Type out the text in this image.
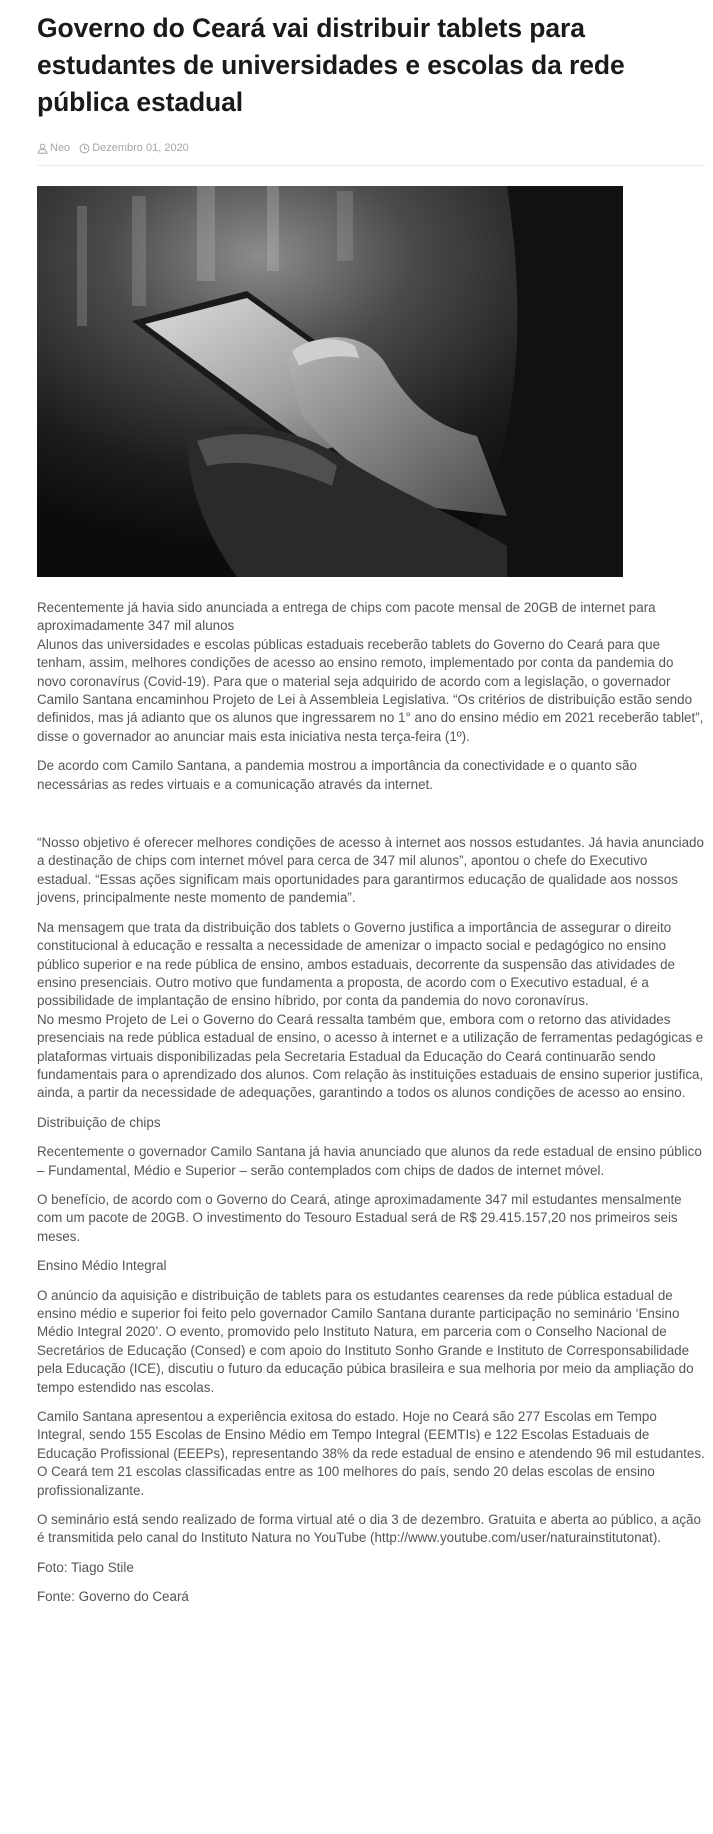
Governo do Ceará vai distribuir tablets para estudantes de universidades e escolas da rede pública estadual
Neo Dezembro 01, 2020

Recentemente já havia sido anunciada a entrega de chips com pacote mensal de 20GB de internet para aproximadamente 347 mil alunos

Alunos das universidades e escolas públicas estaduais receberão tablets do Governo do Ceará para que tenham, assim, melhores condições de acesso ao ensino remoto, implementado por conta da pandemia do novo coronavírus (Covid-19). Para que o material seja adquirido de acordo com a legislação, o governador Camilo Santana encaminhou Projeto de Lei à Assembleia Legislativa. “Os critérios de distribuição estão sendo definidos, mas já adianto que os alunos que ingressarem no 1° ano do ensino médio em 2021 receberão tablet”, disse o governador ao anunciar mais esta iniciativa nesta terça-feira (1º).

De acordo com Camilo Santana, a pandemia mostrou a importância da conectividade e o quanto são necessárias as redes virtuais e a comunicação através da internet.

“Nosso objetivo é oferecer melhores condições de acesso à internet aos nossos estudantes. Já havia anunciado a destinação de chips com internet móvel para cerca de 347 mil alunos”, apontou o chefe do Executivo estadual. “Essas ações significam mais oportunidades para garantirmos educação de qualidade aos nossos jovens, principalmente neste momento de pandemia”.

Na mensagem que trata da distribuição dos tablets o Governo justifica a importância de assegurar o direito constitucional à educação e ressalta a necessidade de amenizar o impacto social e pedagógico no ensino público superior e na rede pública de ensino, ambos estaduais, decorrente da suspensão das atividades de ensino presenciais. Outro motivo que fundamenta a proposta, de acordo com o Executivo estadual, é a possibilidade de implantação de ensino híbrido, por conta da pandemia do novo coronavírus.

No mesmo Projeto de Lei o Governo do Ceará ressalta também que, embora com o retorno das atividades presenciais na rede pública estadual de ensino, o acesso à internet e a utilização de ferramentas pedagógicas e plataformas virtuais disponibilizadas pela Secretaria Estadual da Educação do Ceará continuarão sendo fundamentais para o aprendizado dos alunos. Com relação às instituições estaduais de ensino superior justifica, ainda, a partir da necessidade de adequações, garantindo a todos os alunos condições de acesso ao ensino.

Distribuição de chips

Recentemente o governador Camilo Santana já havia anunciado que alunos da rede estadual de ensino público – Fundamental, Médio e Superior – serão contemplados com chips de dados de internet móvel.

O benefício, de acordo com o Governo do Ceará, atinge aproximadamente 347 mil estudantes mensalmente com um pacote de 20GB. O investimento do Tesouro Estadual será de R$ 29.415.157,20 nos primeiros seis meses.

Ensino Médio Integral

O anúncio da aquisição e distribuição de tablets para os estudantes cearenses da rede pública estadual de ensino médio e superior foi feito pelo governador Camilo Santana durante participação no seminário ‘Ensino Médio Integral 2020’. O evento, promovido pelo Instituto Natura, em parceria com o Conselho Nacional de Secretários de Educação (Consed) e com apoio do Instituto Sonho Grande e Instituto de Corresponsabilidade pela Educação (ICE), discutiu o futuro da educação púbica brasileira e sua melhoria por meio da ampliação do tempo estendido nas escolas.

Camilo Santana apresentou a experiência exitosa do estado. Hoje no Ceará são 277 Escolas em Tempo Integral, sendo 155 Escolas de Ensino Médio em Tempo Integral (EEMTIs) e 122 Escolas Estaduais de Educação Profissional (EEEPs), representando 38% da rede estadual de ensino e atendendo 96 mil estudantes. O Ceará tem 21 escolas classificadas entre as 100 melhores do país, sendo 20 delas escolas de ensino profissionalizante.

O seminário está sendo realizado de forma virtual até o dia 3 de dezembro. Gratuita e aberta ao público, a ação é transmitida pelo canal do Instituto Natura no YouTube (http://www.youtube.com/user/naturainstitutonat).

Foto: Tiago Stile

Fonte: Governo do Ceará
